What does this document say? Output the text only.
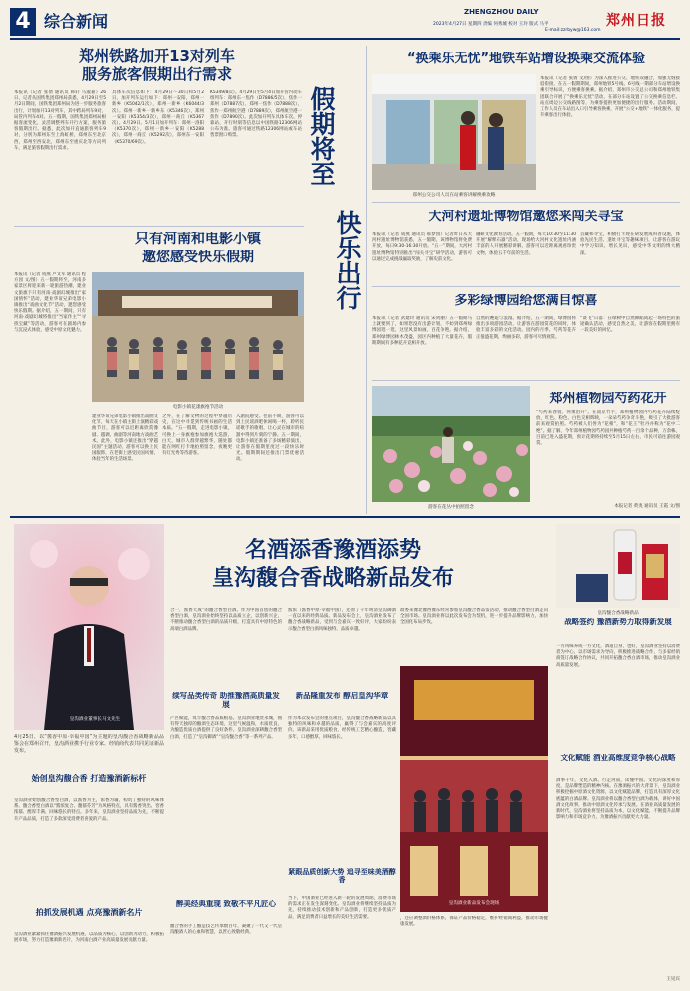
4 综合新闻	ZHENGZHOU DAILY
2023年4月27日 星期四 责编 何秀城 校对 王玲 版式 马平
E-mail:zzrbyw@163.com
郑州日报
郑州铁路加开13对列车
服务旅客假期出行需求
本报讯（记者 张倩 通讯员 韩轩 马淑嘉）26日，记者从国铁集团郑州局获悉，4月29日至5月2日期间，国铁集团郑州局为进一步服务旅客出行，计划加开13对列车，其中跨局列车9对，局管内列车4对。五一假期，国铁集团郑州局根据客流变化，灵活调整列车开行方案，服务旅客假期出行。据悉，此次加开直通旅客列车9对，分别为郑州东至上海虹桥，郑州东至北京西，郑州至西安北，郑州东至重庆北等方向列车，满足旅客假期出行需求。
具体车次信息如下：4月29日～30日和5月2日，加开列车运行如下：郑州一安阳，郑州一新乡（K5042/1次），郑州一新乡（K6044/3次）。郑州一新乡一新乡东（K5346次），郑州一安阳（K5354/3次），郑州一商丘（K5367次）。4月29日、5月1日加开列车：郑州一洛阳（K5370次），郑州一新乡一安阳（K5288次），郑州一商丘（K5292次），郑州东一安阳（K5370/69次）。
K5349/8次）。4月29日至5月4日加开管内动车组列车：郑州东一焦作（D7886/5次），焦作一郑州（D7887次），郑州一焦作（D7888次），焦作一郑州航空港（D7889次），郑州航空港一焦作（D7890次）。此次加开列车具体车次、停靠站、开行时刻等信息以中国铁路12306网站公布为准。旅客可通过铁路12306网站或车站售票窗口购票。	假期将至
快乐出行
只有河南和电影小镇
邀您感受快乐假期
本报讯（记者 成燕 卢文军 通讯员 程方园 文/图）五一假期将至，河南多家景区将迎来新一轮旅游热潮，建业文旅旗下只有河南·戏剧幻城推出“家国情怀”活动，建业华谊兄弟电影小镇推出“戏曲文化节”活动，邀您感受快乐假期。据介绍，五一期间，只有河南·戏剧幻城将推出“当家作主”“寻找宝藏”等活动，游客可在剧场内参与沉浸式体验，感受中原文化魅力。
电影小镇花漾旗袍节活动
建业华谊兄弟电影小镇推出戏曲文化节，每天在小镇主街上演精彩戏曲节目，游客可以近距离欣赏豫剧、越调、曲剧等河南地方戏曲艺术。此外，电影小镇还推出“穿越民国”主题活动，游客可以换上民国服饰，在老街上感受民国风情，体验当年的生活场景。
之外，在了解文物的过程中穿越历史，在这中寻觅到传统书画的生活本质。“五一假期，走进电影小镇，可换上一身旗袍参加旗袍大巡游，白天，城市人群穿越繁华，随处都能在网红打卡地拍照留念，夜晚更有灯光秀等待游客。
入剧院感受。往前不期，游客可以到上民谣酒吧休闲喝一杯，聆听民谣歌手的歌唱，让心灵在城市的喧嚣中得到片刻的宁静。五一期间，电影小镇还准备了多场精彩演出，让游客在假期里度过一段快乐时光。假期期间还推出门票优惠活动。
“换乘乐无忧”地铁车站增设换乘交流体验
郑州公交公司人员在站乘客讲解换乘攻略
本报讯（记者 张倩 文/图）为深入推进公交、地铁双融合，加强无缝接驳衔接，在五一假期期间，郑州地铁5号线、6号线一期部分车站增设换乘引导标识，方便乘客换乘。据介绍，郑州市公交总公司和郑州地铁集团联合开展了“换乘乐无忧”活动，在部分车站设置了公交换乘信息栏、站点周边公交线路图等，为乘客提供更加便捷的出行服务。活动期间，工作人员在车站出入口引导乘客换乘，开展“公交+地铁”一体化服务，提升乘客出行体验。
大河村遗址博物馆邀您来闯关寻宝
本报讯（记者 成燕 通讯员 郝梦园）记者昨日从大河村遗址博物馆获悉，五一假期，该博物馆将免费开放，每日9:30-16:30开放。“五一”期间，大河村遗址博物馆特别推出“闯关寻宝”研学活动，游客可以通过完成挑战赢取奖励，了解史前文化。
融研文化教育活动。五一假期，每天10:30至11:30开展“解释石器”活动，现场给大河村文化遗址内涵丰富的人开展精彩讲解，游客可以近距离观看珍贵文物，体验五千年前的生活。
首藏和寻宝，积极打卡现在研发展成科普设施，体验先民生活、遗址寻宝等趣味项目，让游客在游玩中学习知识、增长见识，感受中华文明的博大精深。
多彩绿博园给您满目惊喜
本报讯（记者 武建玲 通讯员 宋剑丽）五一假期马上就要到了，如果您没有出游计划，不妨到郑州绿博园逛一逛，这里风景如画，百花争艳。据介绍，郑州绿博园林木茂盛，园区内种植了大量花卉，假期期间有多种花卉竞相开放。
自然的邂逅与浪漫。据介绍，五一期间，绿博园将推出多项游园活动，让游客在游园赏花的同时，体验丰富多彩的文化活动。园内的月季、芍药等花卉正值盛花期，绚丽多彩，游客可尽情观赏。
“谈飞”日落：在绿树中自然舞蹈间起一场特色的旅途确认活动，感受自然之美，让游客在假期里拥有一段美好的回忆。
游客在花丛中拍照留念
郑州植物园芍药花开
“芍药来春俏，何须泪开”。在南京竹芋，郑州植物园内芍药花卉陆续绽放，红色、粉色、白色交相辉映，一朵朵芍药争奇斗艳，吸引了大批游客前来观赏拍照。芍药被人们誉为“花相”，和“花王”牡丹并称为“花中二绝”。据了解，今年郑州植物园芍药园共种植芍药一百余个品种，万余株，目前已进入盛花期，预计花期将持续至5月15日左右，市民可前往游园观赏。
本报记者 黄夷 通讯员 王霞 文/图
名酒添香豫酒添势
皇沟馥合香战略新品发布
皇沟酒业董事长马文先生
皇沟馥合香战略新品
4月25日，以“酱香中原·幸福中国”为主题的皇沟馥合香战略新品品鉴会在郑州召开，皇沟酒业携手行业专家、经销商代表共同见证新品发布。
始创皇沟馥合香 打造豫酒新标杆
皇沟酒业始创馥合香型白酒，以酱香为主，浓香为辅，构筑了独特的风味体系。馥合香型白酒以“酱浓复合、馥郁芬芳”为风格特点，具有酱香突出、窖香浓郁、醇厚丰满、回味悠长的特点。多年来，皇沟酒业坚持品质为先，不断提升产品品质，打造了多款深受消费者喜爱的产品。
拍抓发展机遇 点亮豫酒新名片
皇沟酒业紧紧抓住豫酒振兴发展机遇，以品质为核心，以创新为动力，积极拓展市场，努力打造豫酒新名片，为河南白酒产业高质量发展贡献力量。
合一，酱香天成”的馥合香型白酒。作为中国首创的馥合香型白酒，皇沟酒业始终坚持以品质立企，以创新兴企，不断推动馥合香型白酒的品质升级，打造具有中原特色的高端白酒品牌。
续写品类传奇 助推豫酒高质量发展
产区赋能，筑牢馥合香品质根基。皇沟酒业地处永城，拥有得天独厚的酿酒生态环境，这里气候温和，水质优良，为酿造优质白酒提供了良好条件。皇沟酒业深耕馥合香型白酒，打造了“皇沟御酒”“皇沟馥合香”等一系列产品。
醉美经典重现 致敬不平凡匠心
馥合香的手工酿造技艺传承数百年，凝聚了一代又一代皇沟酿酒人的心血和智慧，以匠心致敬经典。
酱浓（酱香中原·幸福中国），还原了千年明清皇沟御酒一直以来的经典品质。新品发布会上，皇沟酒业发布了馥合香战略新品，受到与会嘉宾一致好评，大家纷纷表示馥合香型白酒风味独特、品质卓越。
新品隆重发布 醇启皇沟华章
作为本次发布会的重点项目，皇沟馥合香战略新品以其独特的风味和卓越的品质，赢得了与会嘉宾的高度评价。该新品采用优质粮食，经传统工艺精心酿造，窖藏多年，口感醇厚，回味悠长。
紧跟品质创新大势 追寻至味美酒醇香
当下，中国酒业已经进入新一轮的发展周期，消费市场的需求正在发生深刻变化。皇沟酒业将继续坚持品质为先，持续推动技术创新和产品创新，打造更多优质产品，满足消费者日益增长的美好生活需要。
政委来豫北豫西豫东经常参加皇沟馥合香品鉴活动，推动馥合香型白酒走向全国市场。皇沟酒业将以此次发布会为契机，进一步提升品牌影响力，加快全国化布局步伐。
皇沟酒业新品发布会现场
，还应调整酒价格体系，保证产品价格稳定，维护经销商利益，推动市场健康发展。
战略签约 豫酒新势力取得新发展
一方风味养成一方文化，酒道自身，也好，皇沟酒业坚持以消费者为中心，以市场需求为导向，积极推进战略合作，与多家经销商签订战略合作协议，共同开拓馥合香白酒市场，推动皇沟酒业高质量发展。
文化赋能 酒业高维度竞争核心战略
酒事千年，文化入酒。行走河南，读懂中国。文化的深度和厚度，是品牌塑造的精神内核。在豫酒振兴的大背景下，皇沟酒业积极挖掘中原酒文化资源，以文化赋能品牌，打造具有深厚文化底蕴的白酒品牌。皇沟酒业将以馥合香型白酒为载体，讲好中国酒文化故事，推动中原酒文化传承与发展。在酒业高质量发展的新时代，皇沟酒业将坚持品质为本，以文化赋能，不断提升品牌影响力和市场竞争力，为豫酒振兴贡献更大力量。
王见宾
